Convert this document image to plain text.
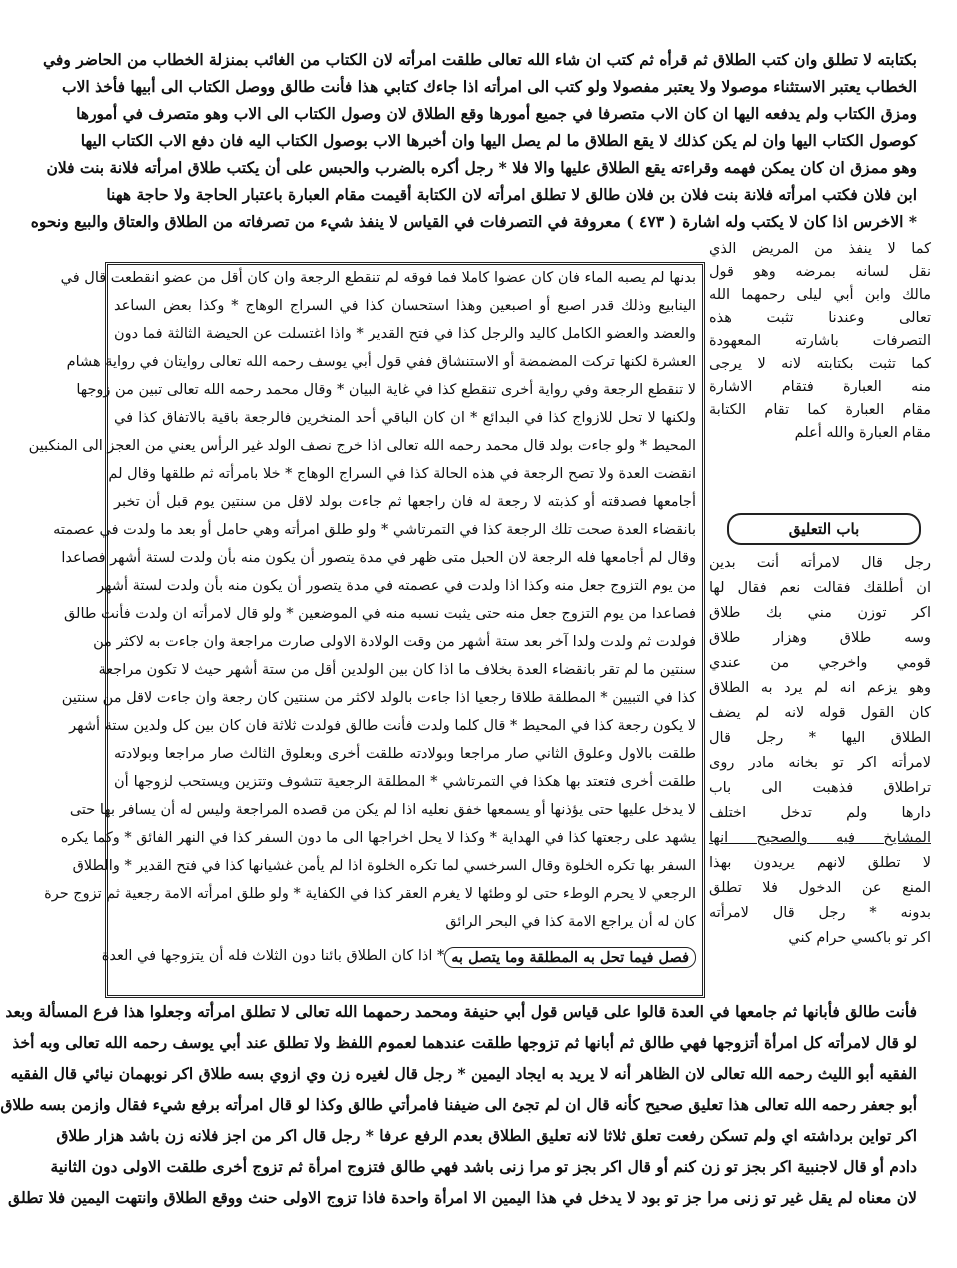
بكتابته لا تطلق وان كتب الطلاق ثم قرأه ثم كتب ان شاء الله تعالى طلقت امرأته لان الكتاب من الغائب بمنزلة الخطاب من الحاضر وفي
الخطاب يعتبر الاستثناء موصولا ولا يعتبر مفصولا ولو كتب الى امرأته اذا جاءك كتابي هذا فأنت طالق ووصل الكتاب الى أبيها فأخذ الاب
ومزق الكتاب ولم يدفعه اليها ان كان الاب متصرفا في جميع أمورها وقع الطلاق لان وصول الكتاب الى الاب وهو متصرف في أمورها
كوصول الكتاب اليها وان لم يكن كذلك لا يقع الطلاق ما لم يصل اليها وان أخبرها الاب بوصول الكتاب اليه فان دفع الاب الكتاب اليها
وهو ممزق ان كان يمكن فهمه وقراءته يقع الطلاق عليها والا فلا * رجل أكره بالضرب والحبس على أن يكتب طلاق امرأته فلانة بنت فلان
ابن فلان فكتب امرأته فلانة بنت فلان بن فلان طالق لا تطلق امرأته لان الكتابة أقيمت مقام العبارة باعتبار الحاجة ولا حاجة ههنا
* الاخرس اذا كان لا يكتب وله اشارة ( ٤٧٣ ) معروفة في التصرفات في القياس لا ينفذ شيء من تصرفاته من الطلاق والعتاق والبيع ونحوه
كما لا ينفذ من المريض الذي
نقل لسانه بمرضه وهو قول
مالك وابن أبي ليلى رحمهما الله
تعالى وعندنا تثبت هذه
التصرفات باشارته المعهودة
كما تثبت بكتابته لانه لا يرجى
منه العبارة فتقام الاشارة
مقام العبارة كما تقام الكتابة
مقام العبارة والله أعلم
رجل قال لامرأته أنت بدين
ان أطلقك فقالت نعم فقال لها
اكر توزن مني بك طلاق
وسه طلاق وهزار طلاق
قومي واخرجي من عندي
وهو يزعم انه لم يرد به الطلاق
كان القول قوله لانه لم يضف
الطلاق اليها * رجل قال
لامرأته اكر تو بخانه مادر روى
تراطلاق فذهبت الى باب
دارها ولم تدخل اختلف
المشايخ فيه والصحيح انها
لا تطلق لانهم يريدون بهذا
المنع عن الدخول فلا تطلق
بدونه * رجل قال لامرأته
اكر تو باكسي حرام كني
باب التعليق
بدنها لم يصبه الماء فان كان عضوا كاملا فما فوقه لم تنقطع الرجعة وان كان أقل من عضو انقطعت قال في
الينابيع وذلك قدر اصبع أو اصبعين وهذا استحسان كذا في السراج الوهاج * وكذا بعض الساعد
والعضد والعضو الكامل كاليد والرجل كذا في فتح القدير * واذا اغتسلت عن الحيضة الثالثة فما دون
العشرة لكنها تركت المضمضة أو الاستنشاق ففي قول أبي يوسف رحمه الله تعالى روايتان في رواية هشام
لا تنقطع الرجعة وفي رواية أخرى تنقطع كذا في غاية البيان * وقال محمد رحمه الله تعالى تبين من زوجها
ولكنها لا تحل للازواج كذا في البدائع * ان كان الباقي أحد المنخرين فالرجعة باقية بالاتفاق كذا في
المحيط * ولو جاءت بولد قال محمد رحمه الله تعالى اذا خرج نصف الولد غير الرأس يعني من العجز الى المنكبين
انقضت العدة ولا تصح الرجعة في هذه الحالة كذا في السراج الوهاج * خلا بامرأته ثم طلقها وقال لم
أجامعها فصدقته أو كذبته لا رجعة له فان راجعها ثم جاءت بولد لاقل من سنتين يوم قبل أن تخبر
بانقضاء العدة صحت تلك الرجعة كذا في التمرتاشي * ولو طلق امرأته وهي حامل أو بعد ما ولدت في عصمته
وقال لم أجامعها فله الرجعة لان الحبل متى ظهر في مدة يتصور أن يكون منه بأن ولدت لستة أشهر فصاعدا
من يوم التزوج جعل منه وكذا اذا ولدت في عصمته في مدة يتصور أن يكون منه بأن ولدت لستة أشهر
فصاعدا من يوم التزوج جعل منه حتى يثبت نسبه منه في الموضعين * ولو قال لامرأته ان ولدت فأنت طالق
فولدت ثم ولدت ولدا آخر بعد ستة أشهر من وقت الولادة الاولى صارت مراجعة وان جاءت به لاكثر من
سنتين ما لم تقر بانقضاء العدة بخلاف ما اذا كان بين الولدين أقل من ستة أشهر حيث لا تكون مراجعة
كذا في التبيين * المطلقة طلاقا رجعيا اذا جاءت بالولد لاكثر من سنتين كان رجعة وان جاءت لاقل من سنتين
لا يكون رجعة كذا في المحيط * قال كلما ولدت فأنت طالق فولدت ثلاثة فان كان بين كل ولدين ستة أشهر
طلقت بالاول وعلوق الثاني صار مراجعا وبولادته طلقت أخرى وبعلوق الثالث صار مراجعا وبولادته
طلقت أخرى فتعتد بها هكذا في التمرتاشي * المطلقة الرجعية تتشوف وتتزين ويستحب لزوجها أن
لا يدخل عليها حتى يؤذنها أو يسمعها خفق نعليه اذا لم يكن من قصده المراجعة وليس له أن يسافر بها حتى
يشهد على رجعتها كذا في الهداية * وكذا لا يحل اخراجها الى ما دون السفر كذا في النهر الفائق * وكما يكره
السفر بها تكره الخلوة وقال السرخسي لما تكره الخلوة اذا لم يأمن غشيانها كذا في فتح القدير * والطلاق
الرجعي لا يحرم الوطء حتى لو وطئها لا يغرم العقر كذا في الكفاية * ولو طلق امرأته الامة رجعية ثم تزوج حرة
كان له أن يراجع الامة كذا في البحر الرائق
فصل فيما تحل به المطلقة وما يتصل به
* اذا كان الطلاق بائنا دون الثلاث فله أن يتزوجها في العدة
فأنت طالق فأبانها ثم جامعها في العدة قالوا على قياس قول أبي حنيفة ومحمد رحمهما الله تعالى لا تطلق امرأته وجعلوا هذا فرع المسألة وبعد
لو قال لامرأته كل امرأة أتزوجها فهي طالق ثم أبانها ثم تزوجها طلقت عندهما لعموم اللفظ ولا تطلق عند أبي يوسف رحمه الله تعالى وبه أخذ
الفقيه أبو الليث رحمه الله تعالى لان الظاهر أنه لا يريد به ايجاد اليمين * رجل قال لغيره زن وي ازوي بسه طلاق اكر نوبهمان نيائي قال الفقيه
أبو جعفر رحمه الله تعالى هذا تعليق صحيح كأنه قال ان لم تجئ الى ضيفنا فامرأتي طالق وكذا لو قال امرأته برفع شيء فقال وازمن بسه طلاق
اكر تواين برداشته اي ولم تسكن رفعت تعلق ثلاثا لانه تعليق الطلاق بعدم الرفع عرفا * رجل قال اكر من اجز فلانه زن باشد هزار طلاق
دادم أو قال لاجنبية اكر بجز تو زن كنم أو قال اكر بجز تو مرا زنى باشد فهي طالق فتزوج امرأة ثم تزوج أخرى طلقت الاولى دون الثانية
لان معناه لم يقل غير تو زنى مرا جز تو بود لا يدخل في هذا اليمين الا امرأة واحدة فاذا تزوج الاولى حنث ووقع الطلاق وانتهت اليمين فلا تطلق
